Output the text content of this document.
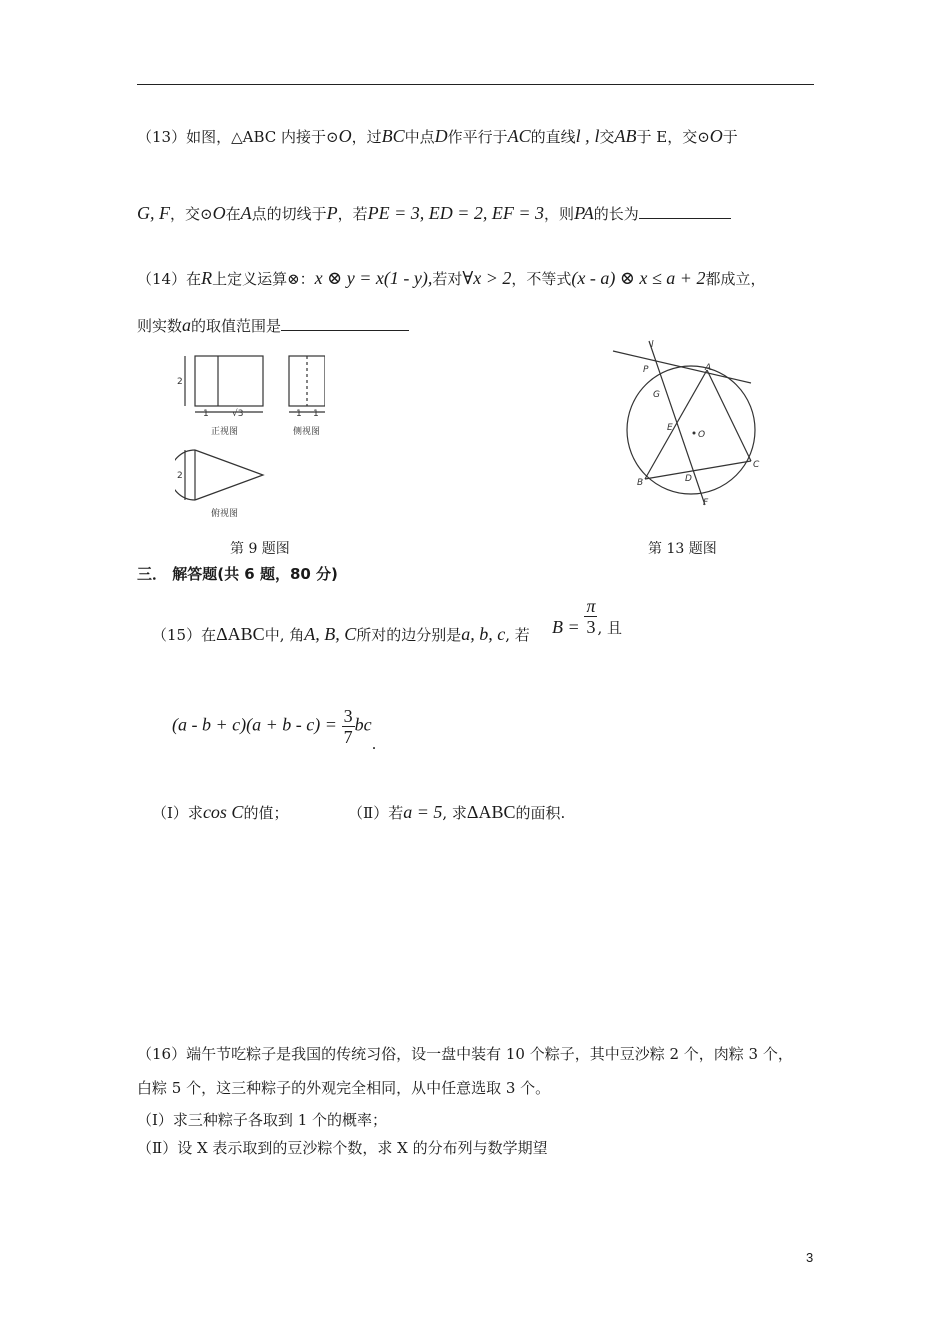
（13）如图，△ABC 内接于⊙O，过BC中点D作平行于AC的直线l , l交AB于 E，交⊙O于
G, F，交⊙O在A点的切线于P，若PE = 3, ED = 2, EF = 3，则PA的长为
（14）在R上定义运算⊗：x ⊗ y = x(1 - y),若对∀x > 2，不等式(x - a) ⊗ x ≤ a + 2都成立，
则实数a的取值范围是
2
1	√3	1 1
2
正视图	侧视图
俯视图
l
P	A
G
E
O
C
B	D
F
第 9 题图	第 13 题图
三． 解答题(共 6 题，80 分)
（15）在ΔABC中, 角A, B, C所对的边分别是a, b, c, 若 $B = \frac{\pi}{3}$ , 且
$(a - b + c)(a + b - c) = \frac{3}{7}$ bc.
（Ⅰ）求cos C的值；	（Ⅱ）若a = 5, 求ΔABC的面积.
（16）端午节吃粽子是我国的传统习俗，设一盘中装有 10 个粽子，其中豆沙粽 2 个，肉粽 3 个，
白粽 5 个，这三种粽子的外观完全相同，从中任意选取 3 个。
（Ⅰ）求三种粽子各取到 1 个的概率；
（Ⅱ）设 X 表示取到的豆沙粽个数，求 X 的分布列与数学期望
3
